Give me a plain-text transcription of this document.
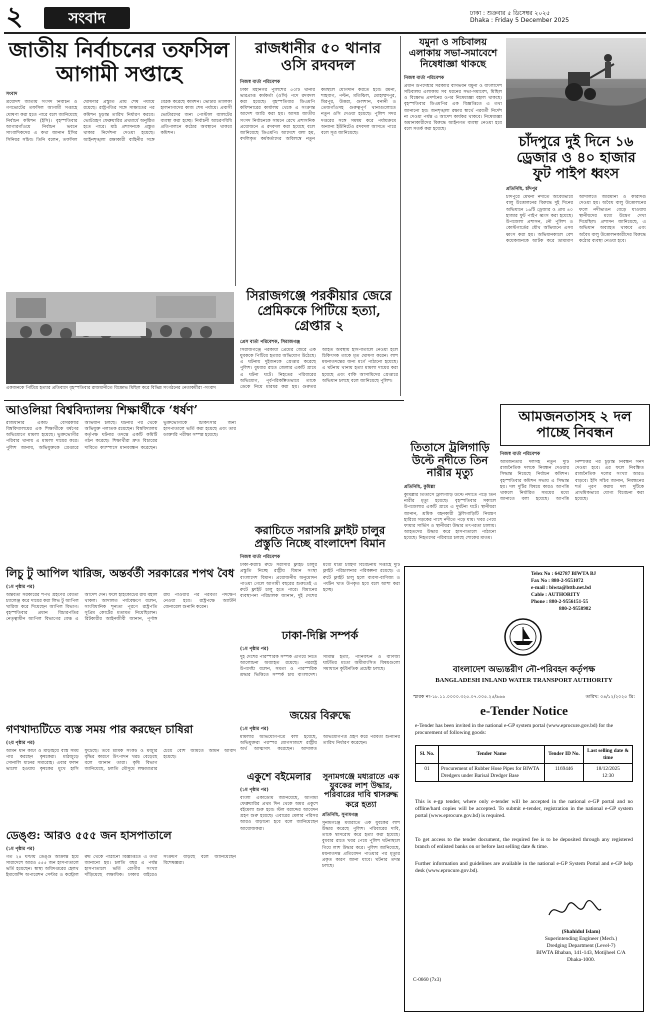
২	সংবাদ	ঢাকা : শুক্রবার ৫ ডিসেম্বর ২০২৫
Dhaka : Friday 5 December 2025
জাতীয় নির্বাচনের তফসিল
আগামী সপ্তাহে
সংবাদ
ত্রয়োদশ জাতীয় সংসদ নির্বাচন ও গণভোটের তফসিল আগামী সপ্তাহে ঘোষণা করা হতে পারে বলে জানিয়েছে নির্বাচন কমিশন (ইসি)। বৃহস্পতিবার আগারগাঁওয়ে নির্বাচন ভবনে সাংবাদিকদের এ কথা জানান ইসির সিনিয়র সচিব। তিনি বলেন, তফসিল ঘোষণার প্রস্তুতি প্রায় শেষ পর্যায়ে রয়েছে। রাষ্ট্রপতির সঙ্গে সাক্ষাতের পর কমিশন চূড়ান্ত তারিখ নির্ধারণ করবে। ভোটগ্রহণ ফেব্রুয়ারির প্রথমার্ধে অনুষ্ঠিত হতে পারে। মাঠ প্রশাসনকে প্রস্তুত থাকার নির্দেশনা দেওয়া হয়েছে। আইনশৃঙ্খলা রক্ষাকারী বাহিনীর সঙ্গে বৈঠক করেছে কমিশন। ভোটার তালিকা হালনাগাদের কাজ শেষ পর্যায়ে। প্রবাসী ভোটারদের জন্য পোস্টাল ব্যালটের ব্যবস্থা করা হচ্ছে। নির্বাচনী আচরণবিধি প্রতিপালনে কঠোর অবস্থানে থাকবে কমিশন।
রাজধানীর ৫০ থানার
ওসি রদবদল
নিজস্ব বার্তা পরিবেশক
ঢাকা মহানগর পুলিশের ৫০টি থানার ভারপ্রাপ্ত কর্মকর্তা (ওসি) পদে রদবদল করা হয়েছে। বৃহস্পতিবার ডিএমপি কমিশনারের কার্যালয় থেকে এ সংক্রান্ত আদেশ জারি করা হয়। আসন্ন জাতীয় সংসদ নির্বাচনকে সামনে রেখে প্রশাসনিক প্রয়োজনে এ রদবদল করা হয়েছে বলে জানিয়েছে ডিএমপি। আদেশে বলা হয়, বদলিকৃত কর্মকর্তাদের অবিলম্বে নতুন কর্মস্থলে যোগদান করতে হবে। রমনা, শাহবাগ, পল্টন, মতিঝিল, মোহাম্মদপুর, মিরপুর, উত্তরা, গুলশান, বনানী ও তেজগাঁওসহ গুরুত্বপূর্ণ থানাগুলোতে নতুন ওসি দেওয়া হয়েছে। পুলিশ সদর দপ্তরের সঙ্গে সমন্বয় করে পর্যায়ক্রমে অন্যান্য ইউনিটেও রদবদল আসতে পারে বলে সূত্র জানিয়েছে।
যমুনা ও সচিবালয় এলাকায় সভা-সমাবেশে নিষেধাজ্ঞা থাকছে
নিজস্ব বার্তা পরিবেশক
প্রধান উপদেষ্টার সরকারি বাসভবন যমুনা ও বাংলাদেশ সচিবালয় এলাকায় সব ধরনের সভা-সমাবেশ, মিছিল ও বিক্ষোভ প্রদর্শনের ওপর নিষেধাজ্ঞা বহাল থাকছে। বৃহস্পতিবার ডিএমপির এক বিজ্ঞপ্তিতে এ তথ্য জানানো হয়। জনশৃঙ্খলা রক্ষার স্বার্থে পরবর্তী নির্দেশ না দেওয়া পর্যন্ত এ আদেশ কার্যকর থাকবে। নিষেধাজ্ঞা অমান্যকারীদের বিরুদ্ধে আইনগত ব্যবস্থা নেওয়া হবে বলে সতর্ক করা হয়েছে।
চাঁদপুরে দুই দিনে ১৬ ড্রেজার ও ৪০ হাজার ফুট পাইপ ধ্বংস
প্রতিনিধি, চাঁদপুর
চাঁদপুরে মেঘনা নদীতে অবৈধভাবে বালু উত্তোলনের বিরুদ্ধে দুই দিনের অভিযানে ১৬টি ড্রেজার ও প্রায় ৪০ হাজার ফুট পাইপ ধ্বংস করা হয়েছে। উপজেলা প্রশাসন, নৌ পুলিশ ও কোস্টগার্ডের যৌথ অভিযানে এসব ধ্বংস করা হয়। অভিযানকালে বেশ কয়েকজনকে আটক করে ভ্রাম্যমাণ আদালতে জরিমানা ও কারাদণ্ড দেওয়া হয়। অবৈধ বালু উত্তোলনের ফলে নদীভাঙন বেড়ে যাওয়ায় স্থানীয়দের মধ্যে উদ্বেগ দেখা দিয়েছিল। প্রশাসন জানিয়েছে, এ অভিযান অব্যাহত থাকবে এবং অবৈধ বালু উত্তোলনকারীদের বিরুদ্ধে কঠোর ব্যবস্থা নেওয়া হবে।
একজনকে পিটিয়ে হত্যার প্রতিবাদে বৃহস্পতিবার রাজধানীতে বিক্ষোভ মিছিল করে বিভিন্ন সংগঠনের নেতাকর্মীরা -সংবাদ
সিরাজগঞ্জে পরকীয়ার জেরে প্রেমিককে পিটিয়ে হত্যা, গ্রেপ্তার ২
প্রেস বার্তা পরিবেশক, সিরাজগঞ্জ
সিরাজগঞ্জে পরকীয়া প্রেমের জেরে এক যুবককে পিটিয়ে হত্যার অভিযোগ উঠেছে। এ ঘটনায় দুইজনকে গ্রেপ্তার করেছে পুলিশ। বুধবার রাতে জেলার একটি গ্রামে এ ঘটনা ঘটে। নিহতের পরিবারের অভিযোগ, পূর্বপরিকল্পিতভাবে তাকে ডেকে নিয়ে মারধর করা হয়। গুরুতর আহত অবস্থায় হাসপাতালে নেওয়া হলে চিকিৎসক তাকে মৃত ঘোষণা করেন। লাশ ময়নাতদন্তের জন্য মর্গে পাঠানো হয়েছে। এ ঘটনায় থানায় হত্যা মামলা দায়ের করা হয়েছে এবং বাকি আসামিদের গ্রেপ্তারে অভিযান চলছে বলে জানিয়েছে পুলিশ।
আওলিয়া বিশ্ববিদ্যালয় শিক্ষার্থীকে ‘ধর্ষণ’
রাজধানীর একটি বেসরকারি বিশ্ববিদ্যালয়ের এক শিক্ষার্থীকে ধর্ষণের অভিযোগে মামলা হয়েছে। ভুক্তভোগীর পরিবার থানায় এ মামলা দায়ের করে। পুলিশ জানায়, অভিযুক্তকে গ্রেপ্তারে অভিযান চলছে। ঘটনার পর থেকে অভিযুক্ত পলাতক রয়েছেন। বিশ্ববিদ্যালয় কর্তৃপক্ষ ঘটনার তদন্তে একটি কমিটি গঠন করেছে। শিক্ষার্থীরা দ্রুত বিচারের দাবিতে ক্যাম্পাসে মানববন্ধন করেছেন। ভুক্তভোগীকে চিকিৎসার জন্য হাসপাতালে ভর্তি করা হয়েছে এবং তার ডাক্তারি পরীক্ষা সম্পন্ন হয়েছে।
করাচিতে সরাসরি ফ্লাইট চালুর প্রস্তুতি নিচ্ছে বাংলাদেশ বিমান
নিজস্ব বার্তা পরিবেশক
ঢাকা-করাচি রুটে সরাসরি ফ্লাইট চালুর প্রস্তুতি নিচ্ছে রাষ্ট্রীয় বিমান সংস্থা বাংলাদেশ বিমান। প্রয়োজনীয় অনুমোদন পাওয়া গেলে আগামী বছরের শুরুতেই এ রুটে ফ্লাইট চালু হতে পারে। বিমানের ব্যবস্থাপনা পরিচালক জানান, দুই দেশের মধ্যে যাত্রী চাহিদা বিবেচনায় সপ্তাহে দুটি ফ্লাইট পরিচালনার পরিকল্পনা রয়েছে। এ রুটে ফ্লাইট চালু হলে ব্যবসা-বাণিজ্য ও পর্যটন খাত উপকৃত হবে বলে আশা করা হচ্ছে।
আমজনতাসহ ২ দল পাচ্ছে নিবন্ধন
নিজস্ব বার্তা পরিবেশক
আমজনতার দলসহ নতুন দুটি রাজনৈতিক দলকে নিবন্ধন দেওয়ার সিদ্ধান্ত নিয়েছে নির্বাচন কমিশন। বৃহস্পতিবার কমিশন সভায় এ সিদ্ধান্ত হয়। দল দুটির বিষয়ে কারও আপত্তি থাকলে নির্ধারিত সময়ের মধ্যে জানাতে বলা হয়েছে। আপত্তি নিষ্পত্তির পর চূড়ান্ত নিবন্ধন সনদ দেওয়া হবে। এর ফলে নিবন্ধিত রাজনৈতিক দলের সংখ্যা আরও বাড়বে। ইসি সচিব জানান, নিবন্ধনের শর্ত পূরণ করায় দল দুটিকে প্রাথমিকভাবে যোগ্য বিবেচনা করা হয়েছে।
তিতাসে ট্রলিগাড়ি উল্টে নদীতে তিন নারীর মৃত্যু
প্রতিনিধি, কুমিল্লা
কুমিল্লার তিতাসে ট্রলিগাড়ি উল্টে নদীতে পড়ে তিন নারীর মৃত্যু হয়েছে। বৃহস্পতিবার সকালে উপজেলার একটি গ্রামে এ দুর্ঘটনা ঘটে। স্থানীয়রা জানান, শ্রমিক বহনকারী ট্রলিগাড়িটি নিয়ন্ত্রণ হারিয়ে সড়কের পাশে নদীতে পড়ে যায়। খবর পেয়ে ফায়ার সার্ভিস ও স্থানীয়রা উদ্ধার তৎপরতা চালায়। আহতদের উদ্ধার করে হাসপাতালে পাঠানো হয়েছে। নিহতদের পরিবারে চলছে শোকের মাতম।
লিচু টু আপিল খারিজ, অন্তর্বর্তী সরকারের শপথ বৈধ
(১ম পৃষ্ঠার পর)
অন্তর্বর্তী সরকারের শপথ গ্রহণের বৈধতা চ্যালেঞ্জ করে দায়ের করা লিভ টু আপিল খারিজ করে দিয়েছেন আপিল বিভাগ। বৃহস্পতিবার প্রধান বিচারপতির নেতৃত্বাধীন আপিল বিভাগের বেঞ্চ এ আদেশ দেন। ফলে হাইকোর্টের রায় বহাল থাকল। আদালত পর্যবেক্ষণে বলেন, সাংবিধানিক শূন্যতা পূরণে রাষ্ট্রপতি সুপ্রিম কোর্টের মতামত নিয়েছিলেন। রিটকারীর আইনজীবী জানান, পূর্ণাঙ্গ রায় পাওয়ার পর পরবর্তী পদক্ষেপ নেওয়া হবে। রাষ্ট্রপক্ষে অ্যাটর্নি জেনারেল শুনানি করেন।
ঢাকা-দিল্লি সম্পর্ক
(১ম পৃষ্ঠার পর)
দুই দেশের পারস্পরিক সম্পর্ক এগিয়ে নিতে আলোচনা অব্যাহত রয়েছে। পররাষ্ট্র উপদেষ্টা বলেন, সমতা ও পারস্পরিক শ্রদ্ধার ভিত্তিতে সম্পর্ক চায় বাংলাদেশ। সীমান্ত হত্যা, পানিবণ্টন ও বাণিজ্য ঘাটতির মতো অমীমাংসিত বিষয়গুলো সমাধানে কূটনৈতিক প্রচেষ্টা চলছে।
জয়ের বিরুদ্ধে
(১ম পৃষ্ঠার পর)
মামলার অভিযোগপত্রে বলা হয়েছে, অভিযুক্তরা পরস্পর যোগসাজশে রাষ্ট্রীয় অর্থ আত্মসাৎ করেছেন। আদালত অভিযোগপত্র গ্রহণ করে পরবর্তী শুনানির তারিখ নির্ধারণ করেছেন।
সুনামগঞ্জে মধ্যরাতে এক যুবকের লাশ উদ্ধার, পরিবারের দাবি শ্বাসরুদ্ধ করে হত্যা
প্রতিনিধি, সুনামগঞ্জ
সুনামগঞ্জে মধ্যরাতে এক যুবকের লাশ উদ্ধার করেছে পুলিশ। পরিবারের দাবি, তাকে শ্বাসরোধ করে হত্যা করা হয়েছে। বুধবার রাতে খবর পেয়ে পুলিশ ঘটনাস্থলে গিয়ে লাশ উদ্ধার করে। পুলিশ জানিয়েছে, ময়নাতদন্ত প্রতিবেদন পাওয়ার পর মৃত্যুর প্রকৃত কারণ জানা যাবে। ঘটনার তদন্ত চলছে।
গণখাদ্যটিতে ব্যস্ত সময় পার করছেন চাষিরা
(২য় পৃষ্ঠার পর)
আমন ধান কাটা ও মাড়াইয়ে ব্যস্ত সময় পার করছেন কৃষকেরা। মাঠজুড়ে সোনালি ধানের সমারোহ। এবার ফলন ভালো হওয়ায় কৃষকের মুখে হাসি ফুটেছে। তবে শ্রমিক সংকট ও মজুরি বৃদ্ধির কারণে উৎপাদন খরচ বেড়েছে বলে জানান তারা। কৃষি বিভাগ জানিয়েছে, চলতি মৌসুমে লক্ষ্যমাত্রার চেয়ে বেশি জমিতে আমন আবাদ হয়েছে।
একুশে বইমেলার
(১ম পৃষ্ঠার পর)
বাংলা একাডেমি জানিয়েছে, আগামী ফেব্রুয়ারির প্রথম দিন থেকে অমর একুশে বইমেলা শুরু হবে। স্টল বরাদ্দের আবেদন গ্রহণ শুরু হয়েছে। এবারের মেলার পরিসর আরও বাড়ানো হবে বলে জানিয়েছেন আয়োজকরা।
ডেঙ্গু: আরও ৫৫৫ জন হাসপাতালে
(১ম পৃষ্ঠার পর)
গত ২৪ ঘণ্টায় ডেঙ্গু আক্রান্ত হয়ে সারাদেশে আরও ৫৫৫ জন হাসপাতালে ভর্তি হয়েছেন। স্বাস্থ্য অধিদপ্তরের হেলথ ইমার্জেন্সি অপারেশন সেন্টার ও কন্ট্রোল রুম থেকে পাঠানো বিজ্ঞপ্তিতে এ তথ্য জানানো হয়। চলতি বছর এ পর্যন্ত হাসপাতালে ভর্তি রোগীর সংখ্যা দাঁড়িয়েছে লক্ষাধিক। ঢাকার বাইরেও সংক্রমণ বাড়ছে বলে জানিয়েছেন বিশেষজ্ঞরা।
Telex No : 642787 BIWTA BJ
Fax No : 880-2-9551072
e-mail : biwta@bttb.net.bd
Cable : AUTHORITY
Phone : 880-2-9556151-55
880-2-9558982
বাংলাদেশ অভ্যন্তরীণ নৌ-পরিবহন কর্তৃপক্ষ
BANGLADESH INLAND WATER TRANSPORT AUTHORITY
স্মারক নং-১৮.১১.০০০০.৩২৫.০৭.০০৫.২৫/৯৬৬	তারিখ: ০৪/১২/২০২৫ খ্রি:
e-Tender Notice
e-Tender has been invited in the national e-GP system portal (www.eprocure.gov.bd) for the procurement of following goods:
Sl. No.	Tender Name	Tender ID No.	Last selling date & time
01	Procurement of Rubber Hose Pipes for BIWTA Dredgers under Barisal Dredger Base	1169446	18/12/2025
12:30
This is e-gp tender, where only e-tender will be accepted in the national e-GP portal and no offline/hard copies will be accepted. To submit e-tender, registration in the national e-GP system portal (www.eprocure.gov.bd) is required.
To get access to the tender document, the required fee is to be deposited through any registered branch of enlisted banks on or before last selling date & time.
Further information and guidelines are available in the national e-GP System Portal and e-GP help desk (www.eprocure.gov.bd).
(Shahidul Islam)
Superintending Engineer (Mech.)
Dredging Department (Level-7)
BIWTA Bhaban, 141-143, Motijheel C/A
Dhaka-1000.
C-0660 (7x3)
